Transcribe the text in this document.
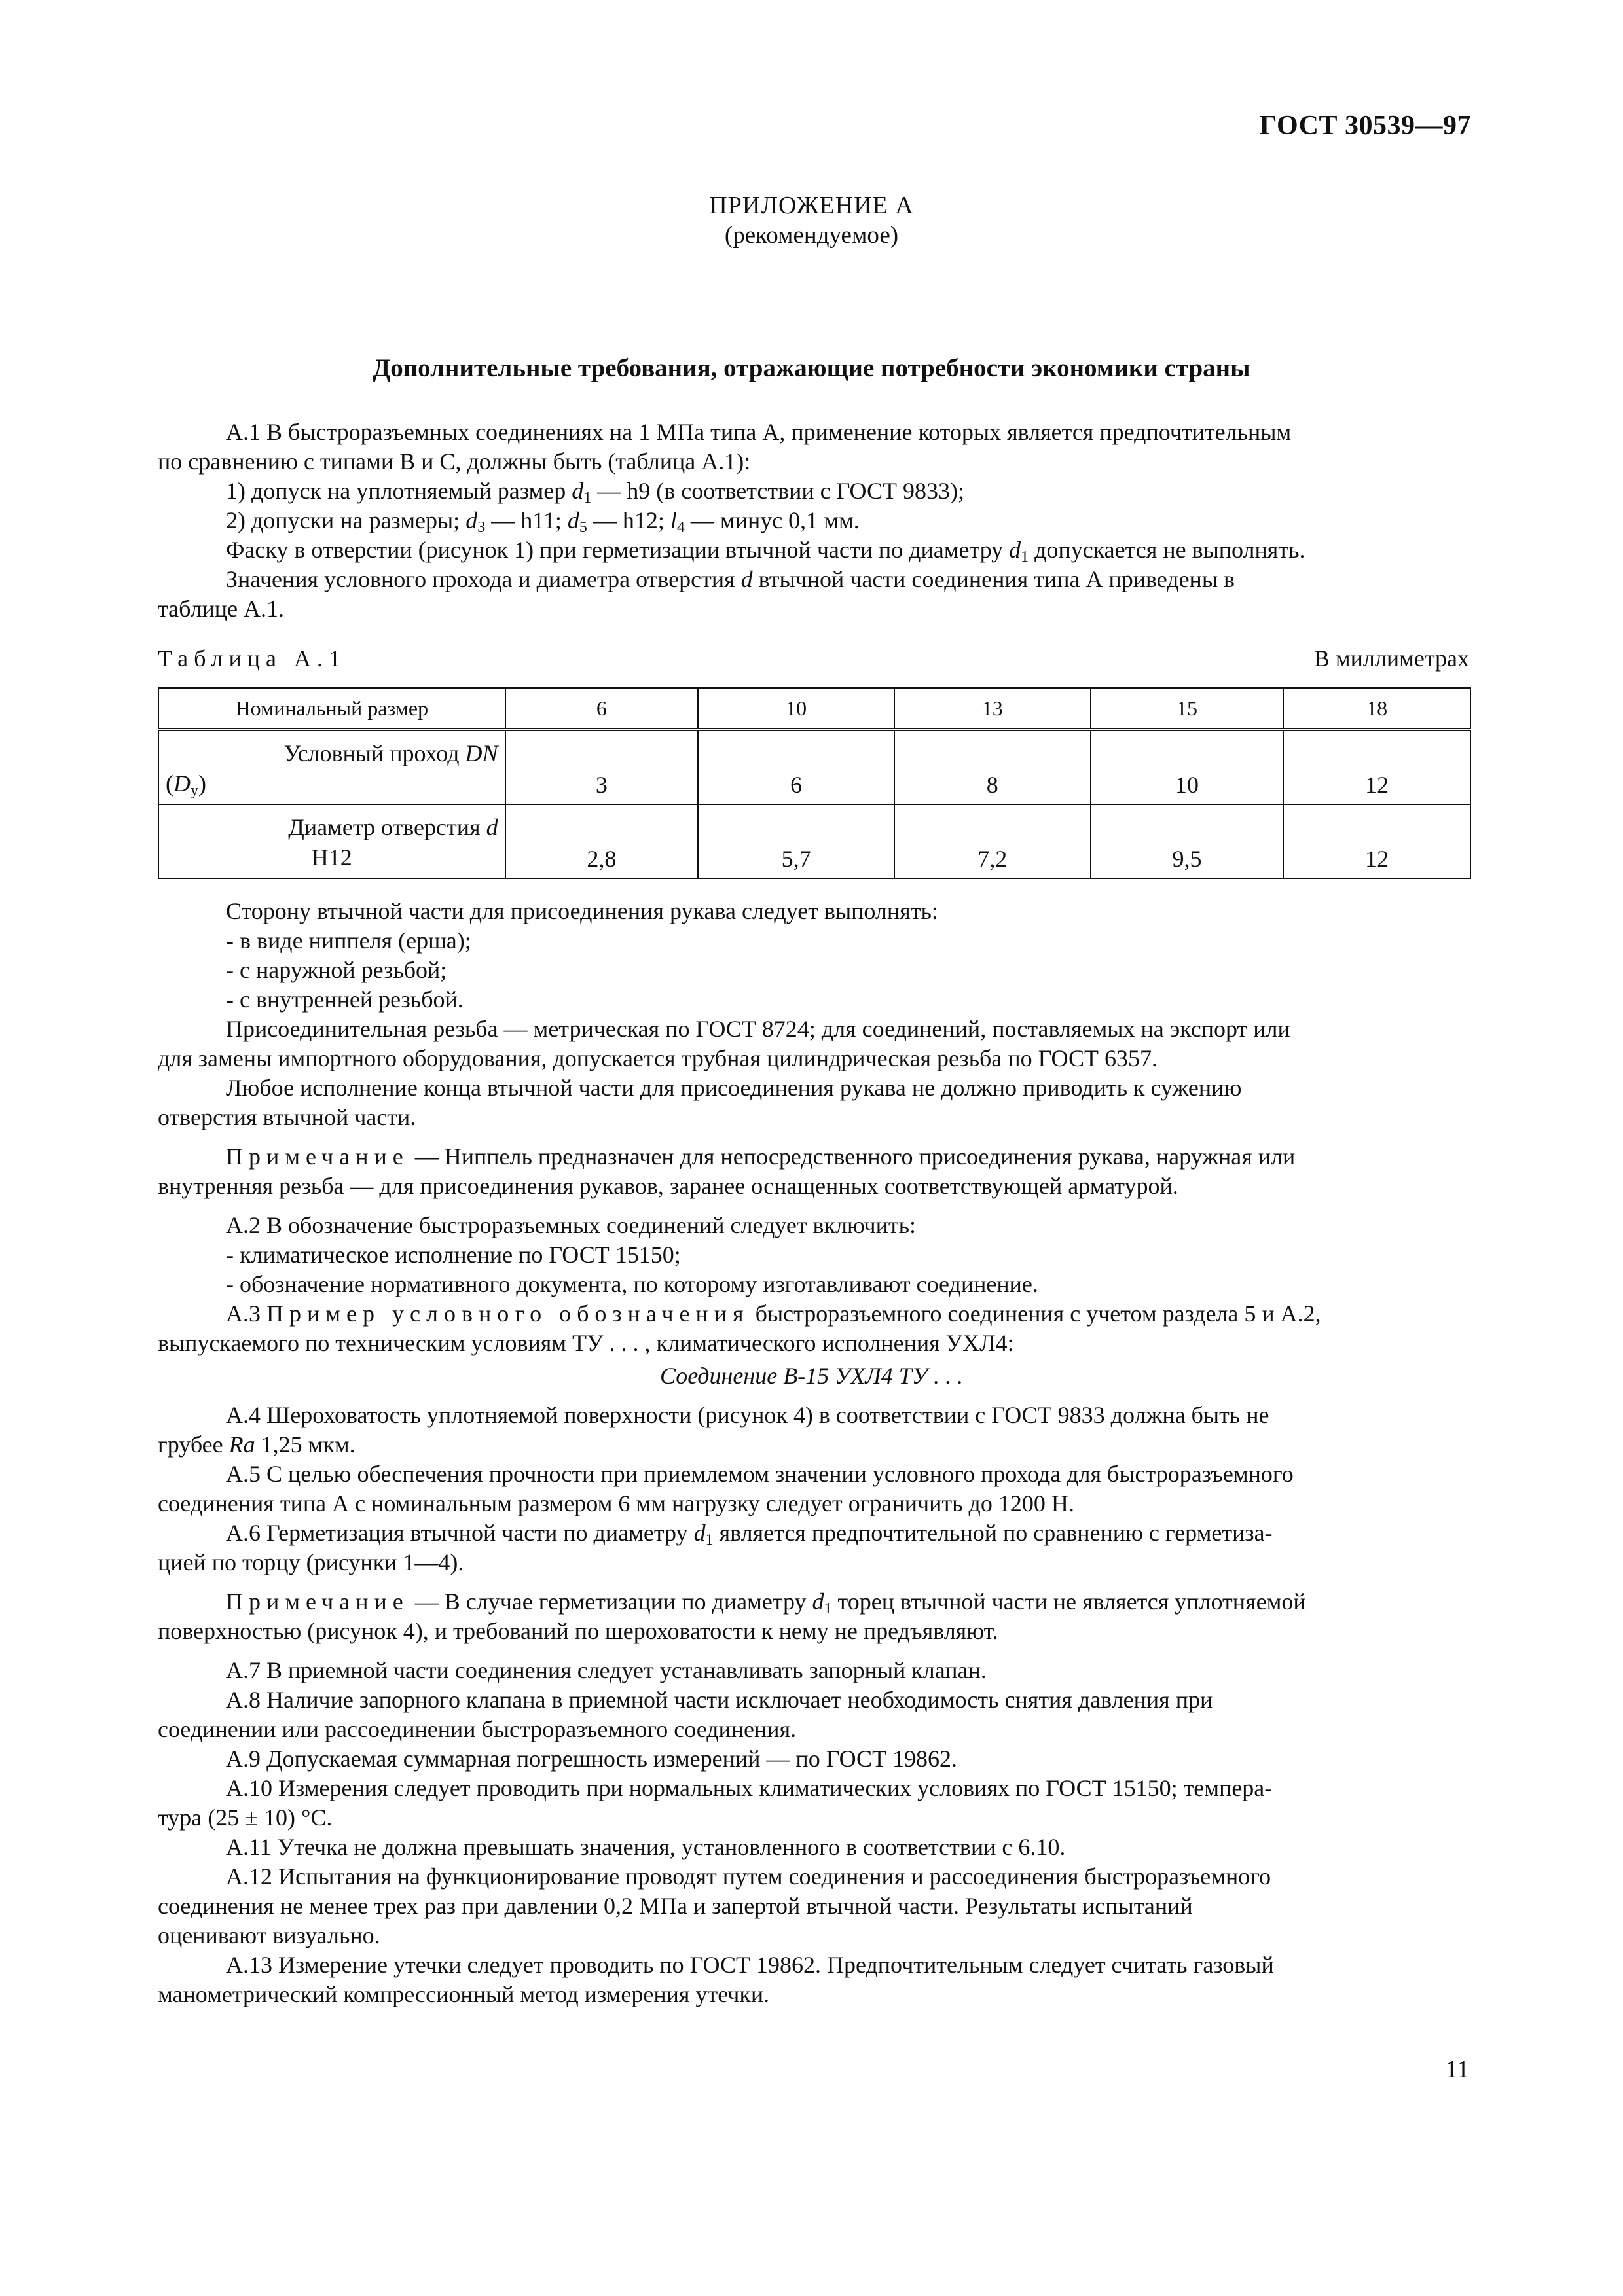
ГОСТ 30539—97
ПРИЛОЖЕНИЕ А
(рекомендуемое)
Дополнительные требования, отражающие потребности экономики страны
А.1 В быстроразъемных соединениях на 1 МПа типа А, применение которых является предпочтительным
по сравнению с типами В и С, должны быть (таблица А.1):
1) допуск на уплотняемый размер $d_1$ — h9 (в соответствии с ГОСТ 9833);
2) допуски на размеры; $d_3$ — h11; $d_5$ — h12; $l_4$ — минус 0,1 мм.
Фаску в отверстии (рисунок 1) при герметизации втычной части по диаметру $d_1$ допускается не выполнять.
Значения условного прохода и диаметра отверстия d втычной части соединения типа А приведены в
таблице А.1.
Таблица А.1	В миллиметрах
Номинальный размер	6	10	13	15	18

Условный проход DN
$(D_y)$	3	6	8	10	12

Диаметр отверстия d
H12	2,8	5,7	7,2	9,5	12
Сторону втычной части для присоединения рукава следует выполнять:
- в виде ниппеля (ерша);
- с наружной резьбой;
- с внутренней резьбой.
Присоединительная резьба — метрическая по ГОСТ 8724; для соединений, поставляемых на экспорт или
для замены импортного оборудования, допускается трубная цилиндрическая резьба по ГОСТ 6357.
Любое исполнение конца втычной части для присоединения рукава не должно приводить к сужению
отверстия втычной части.
Примечание — Ниппель предназначен для непосредственного присоединения рукава, наружная или
внутренняя резьба — для присоединения рукавов, заранее оснащенных соответствующей арматурой.
А.2 В обозначение быстроразъемных соединений следует включить:
- климатическое исполнение по ГОСТ 15150;
- обозначение нормативного документа, по которому изготавливают соединение.
А.3 Пример условного обозначения быстроразъемного соединения с учетом раздела 5 и А.2,
выпускаемого по техническим условиям ТУ . . . , климатического исполнения УХЛ4:
Соединение В-15 УХЛ4 ТУ . . .
А.4 Шероховатость уплотняемой поверхности (рисунок 4) в соответствии с ГОСТ 9833 должна быть не
грубее Ra 1,25 мкм.
А.5 С целью обеспечения прочности при приемлемом значении условного прохода для быстроразъемного
соединения типа А с номинальным размером 6 мм нагрузку следует ограничить до 1200 Н.
А.6 Герметизация втычной части по диаметру $d_1$ является предпочтительной по сравнению с герметиза-
цией по торцу (рисунки 1—4).
Примечание — В случае герметизации по диаметру $d_1$ торец втычной части не является уплотняемой
поверхностью (рисунок 4), и требований по шероховатости к нему не предъявляют.
А.7 В приемной части соединения следует устанавливать запорный клапан.
А.8 Наличие запорного клапана в приемной части исключает необходимость снятия давления при
соединении или рассоединении быстроразъемного соединения.
А.9 Допускаемая суммарная погрешность измерений — по ГОСТ 19862.
А.10 Измерения следует проводить при нормальных климатических условиях по ГОСТ 15150; темпера-
тура (25 ± 10) °С.
А.11 Утечка не должна превышать значения, установленного в соответствии с 6.10.
А.12 Испытания на функционирование проводят путем соединения и рассоединения быстроразъемного
соединения не менее трех раз при давлении 0,2 МПа и запертой втычной части. Результаты испытаний
оценивают визуально.
А.13 Измерение утечки следует проводить по ГОСТ 19862. Предпочтительным следует считать газовый
манометрический компрессионный метод измерения утечки.
11
